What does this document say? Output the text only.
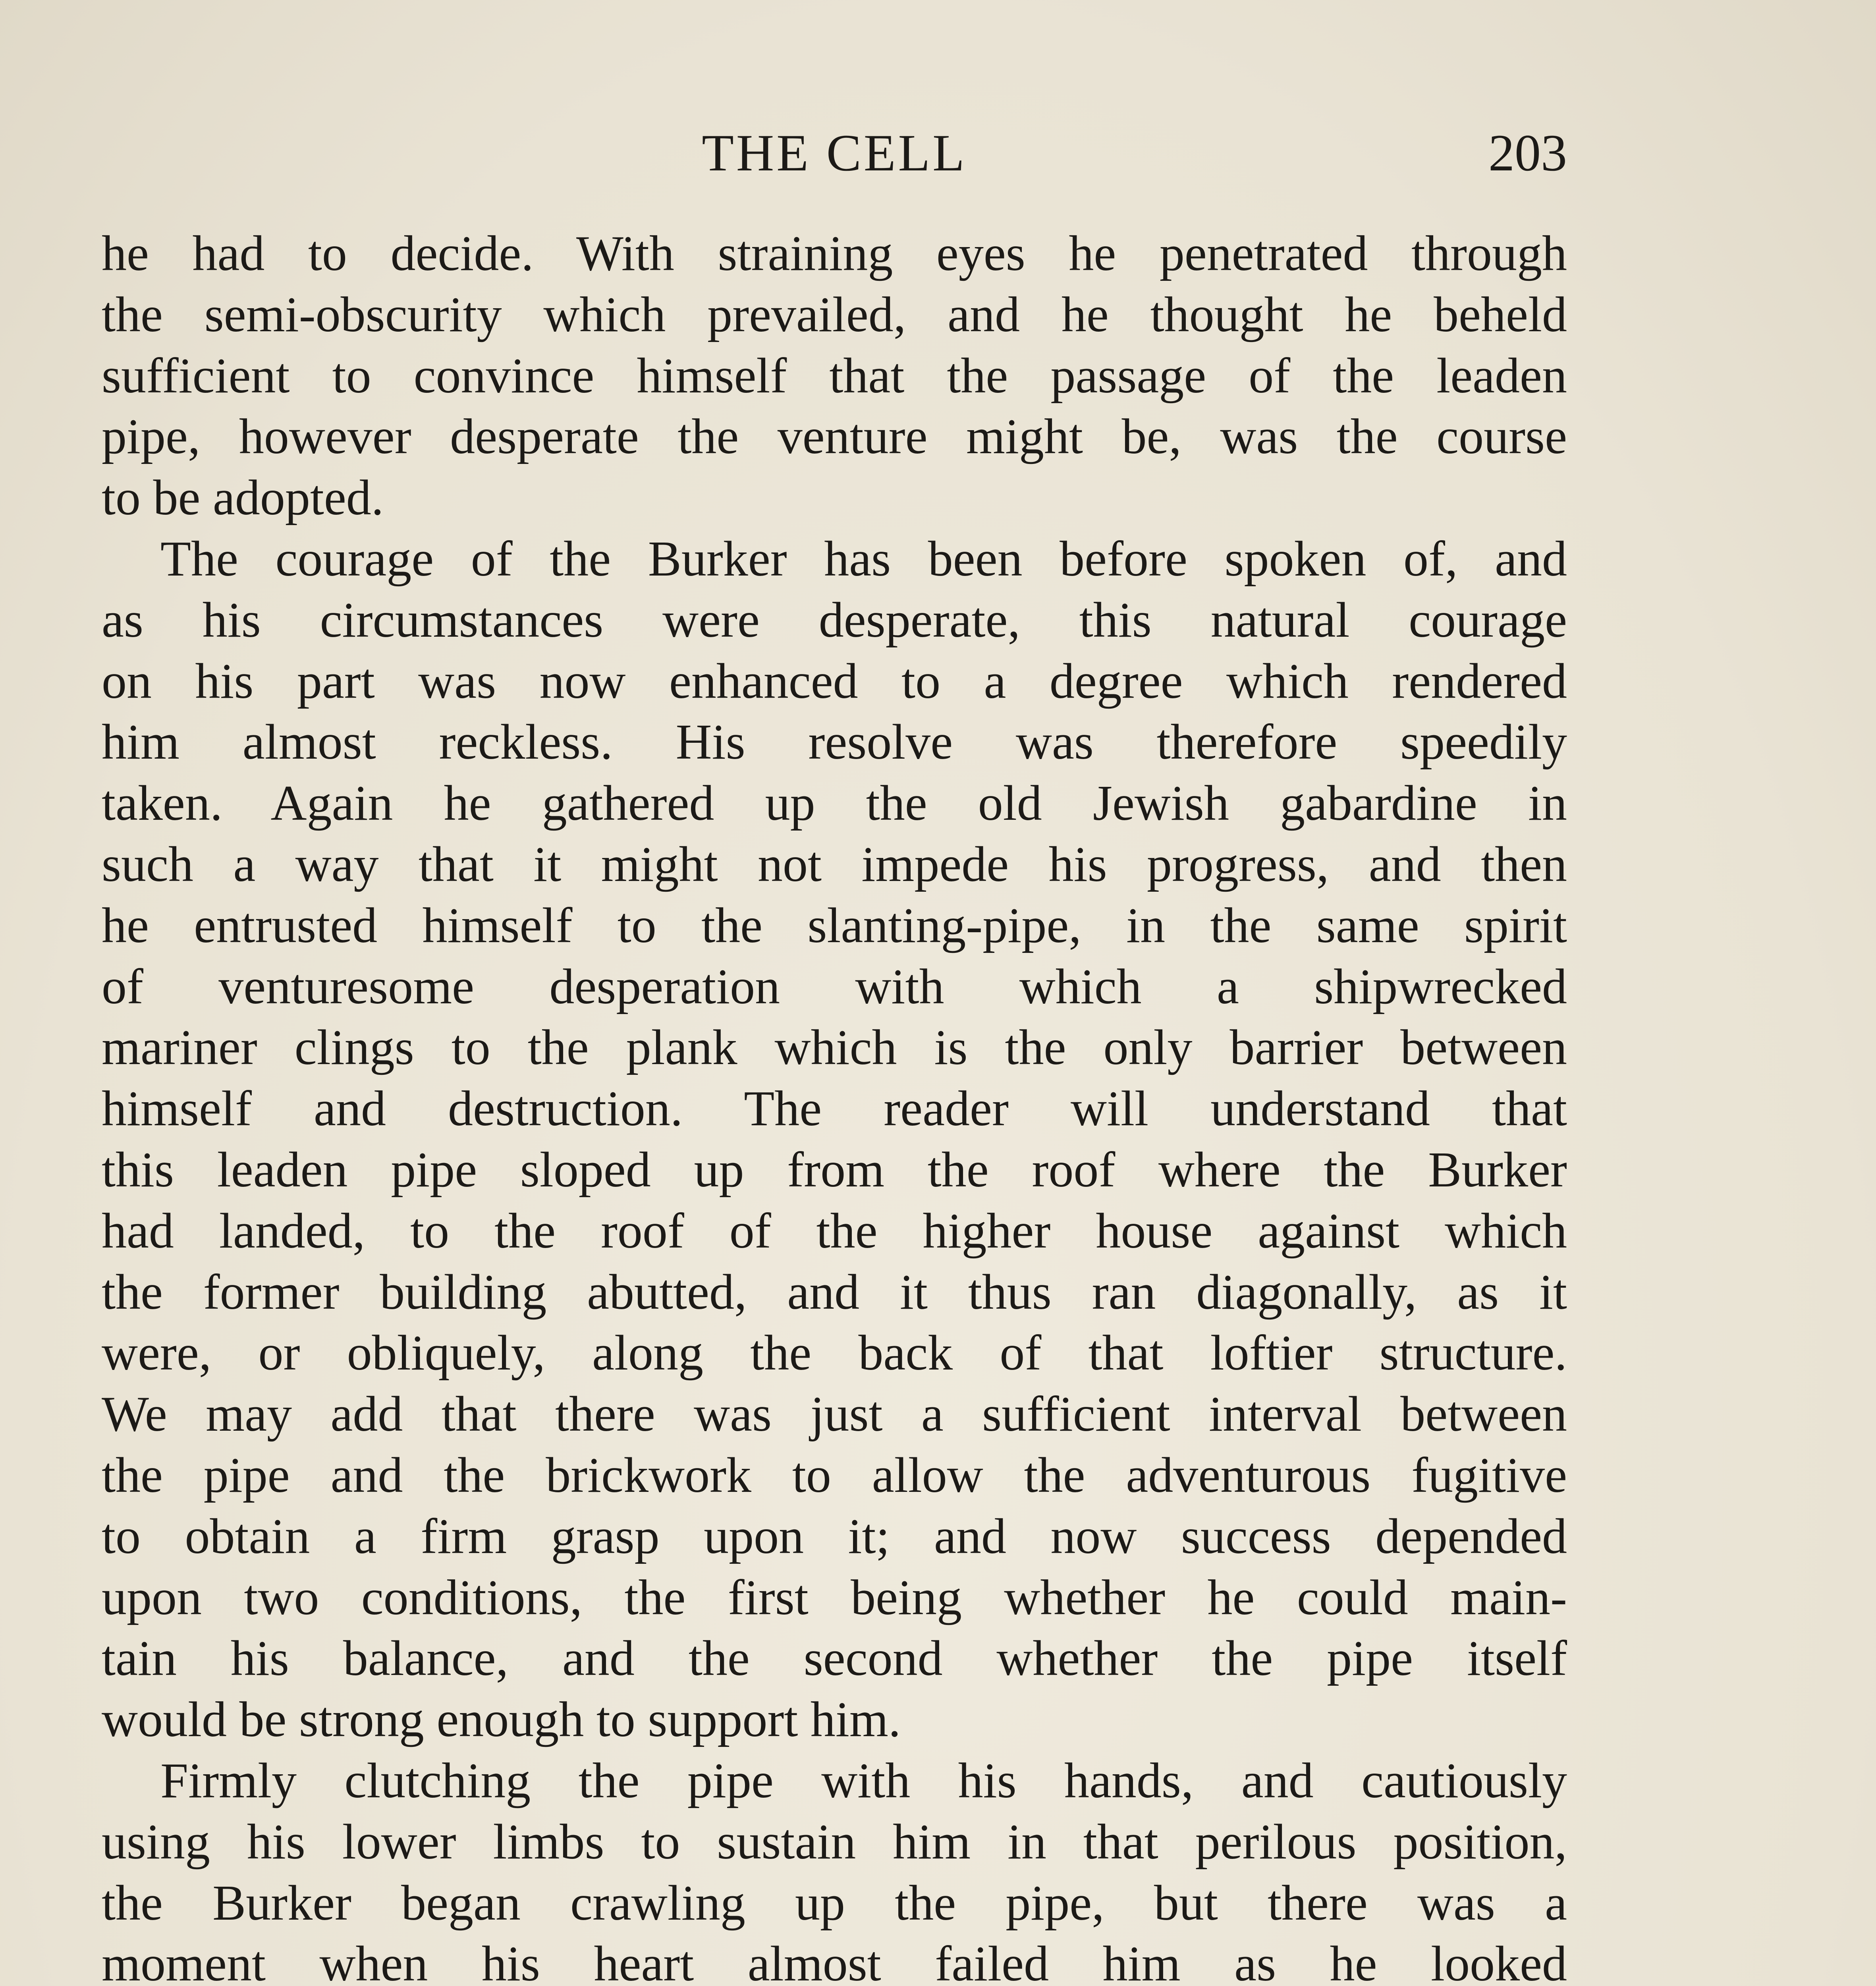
THE CELL	203
he had to decide. With straining eyes he penetrated through
the semi-obscurity which prevailed, and he thought he beheld
sufficient to convince himself that the passage of the leaden
pipe, however desperate the venture might be, was the course
to be adopted.
The courage of the Burker has been before spoken of, and
as his circumstances were desperate, this natural courage
on his part was now enhanced to a degree which rendered
him almost reckless. His resolve was therefore speedily
taken. Again he gathered up the old Jewish gabardine in
such a way that it might not impede his progress, and then
he entrusted himself to the slanting-pipe, in the same spirit
of venturesome desperation with which a shipwrecked
mariner clings to the plank which is the only barrier between
himself and destruction. The reader will understand that
this leaden pipe sloped up from the roof where the Burker
had landed, to the roof of the higher house against which
the former building abutted, and it thus ran diagonally, as it
were, or obliquely, along the back of that loftier structure.
We may add that there was just a sufficient interval between
the pipe and the brickwork to allow the adventurous fugitive
to obtain a firm grasp upon it; and now success depended
upon two conditions, the first being whether he could main-
tain his balance, and the second whether the pipe itself
would be strong enough to support him.
Firmly clutching the pipe with his hands, and cautiously
using his lower limbs to sustain him in that perilous position,
the Burker began crawling up the pipe, but there was a
moment when his heart almost failed him as he looked
